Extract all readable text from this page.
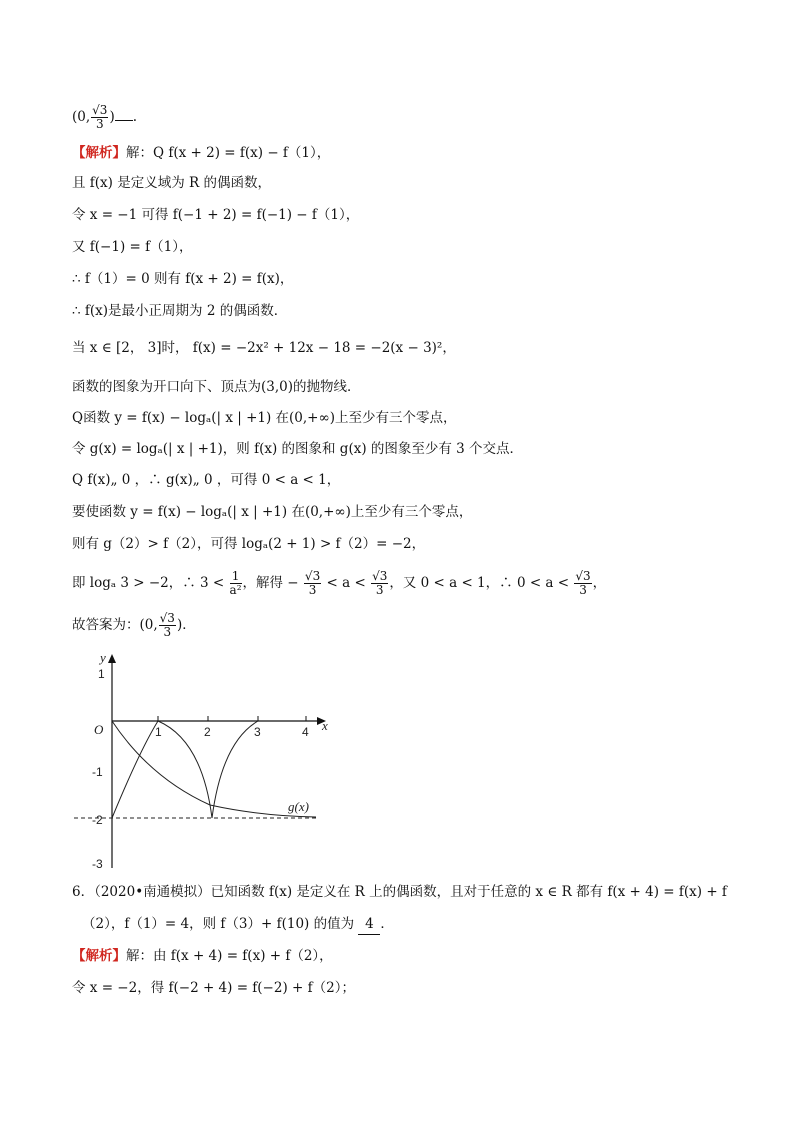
(0, $\frac{√3}{3}$ ) .
【解析】解：Q f(x + 2) = f(x) − f（1），
且 f(x) 是定义域为 R 的偶函数，
令 x = −1 可得 f(−1 + 2) = f(−1) − f（1），
又 f(−1) = f（1），
∴ f（1）= 0 则有 f(x + 2) = f(x)，
∴ f(x)是最小正周期为 2 的偶函数．
当 x ∈ [2， 3]时， f(x) = −2x² + 12x − 18 = −2(x − 3)²，
函数的图象为开口向下、顶点为(3,0)的抛物线．
Q函数 y = f(x) − logₐ(| x | +1) 在(0,+∞)上至少有三个零点，
令 g(x) = logₐ(| x | +1)，则 f(x) 的图象和 g(x) 的图象至少有 3 个交点．
Q f(x)„ 0 ，∴ g(x)„ 0 ，可得 0 < a < 1，
要使函数 y = f(x) − logₐ(| x | +1) 在(0,+∞)上至少有三个零点，
则有 g（2）> f（2），可得 logₐ(2 + 1) > f（2）= −2，
即 logₐ 3 > −2，∴ $3 < \frac{1}{\text{a²}}$ ，解得 − $\frac{√3}{3} < a < \frac{√3}{3}$ ，又 0 < a < 1，∴ $0 < a < \frac{√3}{3}$ ，
故答案为：(0, $\frac{√3}{3}$ )．
y
x
O	1	2	3	4
1
-1
-2
-3
g(x)
6．（2020•南通模拟）已知函数 f(x) 是定义在 R 上的偶函数，且对于任意的 x ∈ R 都有 f(x + 4) = f(x) + f
（2），f（1）= 4，则 f（3）+ f(10) 的值为 4 ．
【解析】解：由 f(x + 4) = f(x) + f（2），
令 x = −2，得 f(−2 + 4) = f(−2) + f（2）；
